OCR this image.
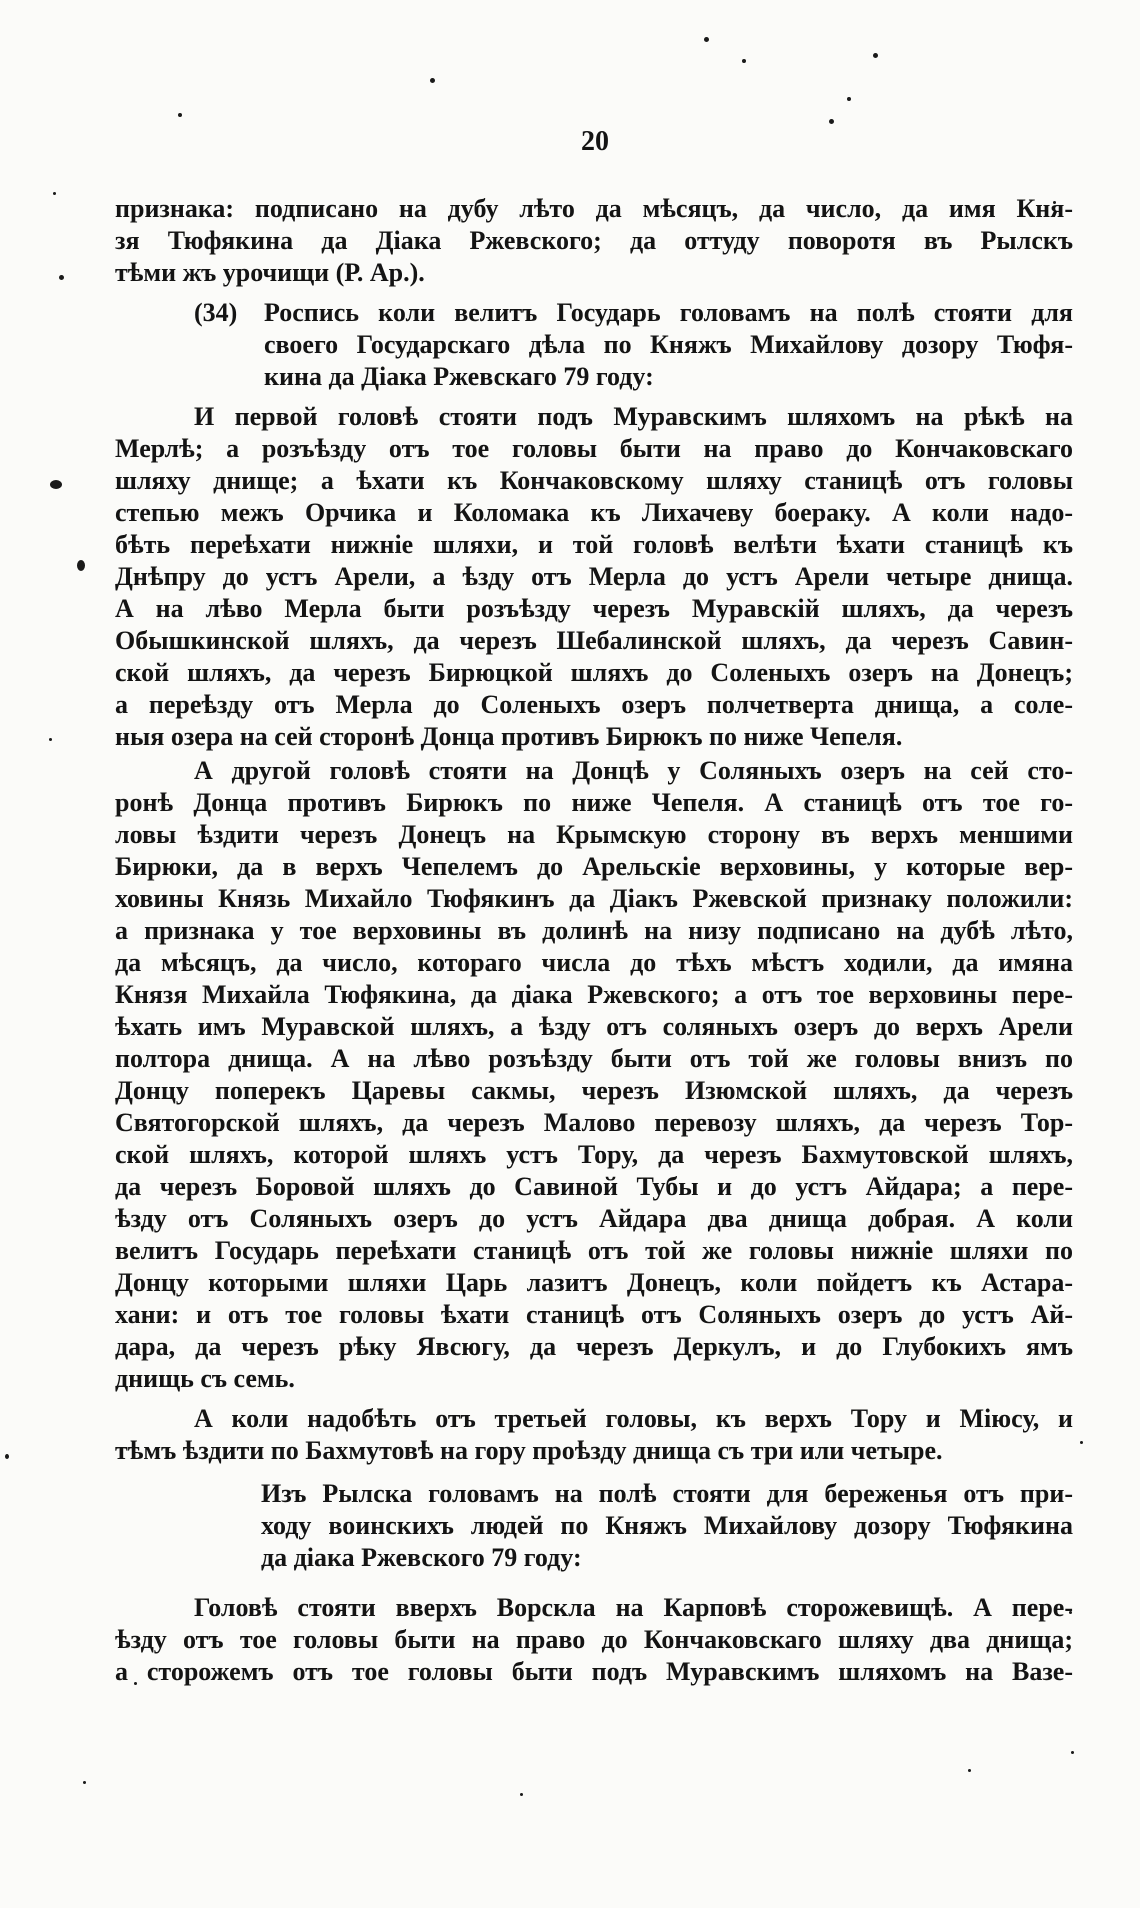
20
признака: подписано на дубу лѣто да мѣсяцъ, да число, да имя Кня-
зя Тюфякина да Діака Ржевского; да оттуду поворотя въ Рылскъ
тѣми жъ урочищи (Р. Ар.).
(34) Роспись коли велитъ Государь головамъ на полѣ стояти для
своего Государскаго дѣла по Княжъ Михайлову дозору Тюфя-
кина да Діака Ржевскаго 79 году:
И первой головѣ стояти подъ Муравскимъ шляхомъ на рѣкѣ на
Мерлѣ; а розъѣзду отъ тое головы быти на право до Кончаковскаго
шляху днище; а ѣхати къ Кончаковскому шляху станицѣ отъ головы
степью межъ Орчика и Коломака къ Лихачеву боераку. А коли надо-
бѣть переѣхати нижніе шляхи, и той головѣ велѣти ѣхати станицѣ къ
Днѣпру до устъ Арели, а ѣзду отъ Мерла до устъ Арели четыре днища.
А на лѣво Мерла быти розъѣзду черезъ Муравскій шляхъ, да черезъ
Обышкинской шляхъ, да черезъ Шебалинской шляхъ, да черезъ Савин-
ской шляхъ, да черезъ Бирюцкой шляхъ до Соленыхъ озеръ на Донецъ;
а переѣзду отъ Мерла до Соленыхъ озеръ полчетверта днища, а соле-
ныя озера на сей сторонѣ Донца противъ Бирюкъ по ниже Чепеля.
А другой головѣ стояти на Донцѣ у Соляныхъ озеръ на сей сто-
ронѣ Донца противъ Бирюкъ по ниже Чепеля. А станицѣ отъ тое го-
ловы ѣздити черезъ Донецъ на Крымскую сторону въ верхъ меншими
Бирюки, да в верхъ Чепелемъ до Арельскіе верховины, у которые вер-
ховины Князь Михайло Тюфякинъ да Діакъ Ржевской признаку положили:
а признака у тое верховины въ долинѣ на низу подписано на дубѣ лѣто,
да мѣсяцъ, да число, котораго числа до тѣхъ мѣстъ ходили, да имяна
Князя Михайла Тюфякина, да діака Ржевского; а отъ тое верховины пере-
ѣхать имъ Муравской шляхъ, а ѣзду отъ соляныхъ озеръ до верхъ Арели
полтора днища. А на лѣво розъѣзду быти отъ той же головы внизъ по
Донцу поперекъ Царевы сакмы, черезъ Изюмской шляхъ, да черезъ
Святогорской шляхъ, да черезъ Малово перевозу шляхъ, да черезъ Тор-
ской шляхъ, которой шляхъ устъ Тору, да черезъ Бахмутовской шляхъ,
да черезъ Боровой шляхъ до Савиной Тубы и до устъ Айдара; а пере-
ѣзду отъ Соляныхъ озеръ до устъ Айдара два днища добрая. А коли
велитъ Государь переѣхати станицѣ отъ той же головы нижніе шляхи по
Донцу которыми шляхи Царь лазитъ Донецъ, коли пойдетъ къ Астара-
хани: и отъ тое головы ѣхати станицѣ отъ Соляныхъ озеръ до устъ Ай-
дара, да черезъ рѣку Явсюгу, да черезъ Деркулъ, и до Глубокихъ ямъ
днищь съ семь.
А коли надобѣть отъ третьей головы, къ верхъ Тору и Міюсу, и
тѣмъ ѣздити по Бахмутовѣ на гору проѣзду днища съ три или четыре.
Изъ Рылска головамъ на полѣ стояти для береженья отъ при-
ходу воинскихъ людей по Княжъ Михайлову дозору Тюфякина
да діака Ржевского 79 году:
Головѣ стояти вверхъ Ворскла на Карповѣ сторожевищѣ. А пере-
ѣзду отъ тое головы быти на право до Кончаковскаго шляху два днища;
а сторожемъ отъ тое головы быти подъ Муравскимъ шляхомъ на Вазе-
